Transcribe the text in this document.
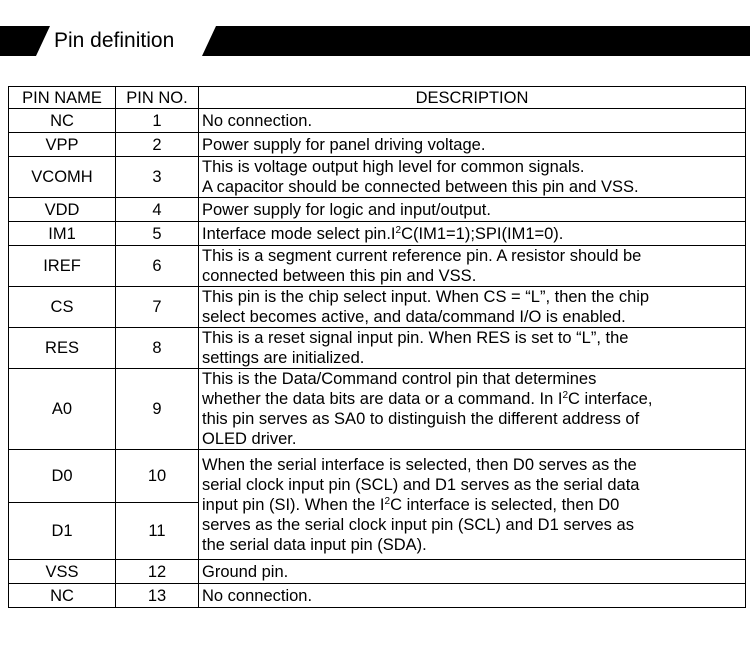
Pin definition
PIN NAME	PIN NO.	DESCRIPTION
NC	1	No connection.

VPP	2	Power supply for panel driving voltage.

VCOMH	3	This is voltage output high level for common signals.
A capacitor should be connected between this pin and VSS.

VDD	4	Power supply for logic and input/output.

IM1	5	Interface mode select $pin.I^2C(IM1=1);SPI(IM1=0)$.

IREF	6	This is a segment current reference pin. A resistor should be
connected between this pin and VSS.

CS	7	This pin is the chip select input. When CS = “L”, then the chip
select becomes active, and data/command I/O is enabled.

RES	8	This is a reset signal input pin. When RES is set to “L”, the
settings are initialized.

A0	9	This is the Data/Command control pin that determines
whether the data bits are data or a command. In $I^2C$ interface,
this pin serves as SA0 to distinguish the different address of
OLED driver.

D0	10	When the serial interface is selected, then D0 serves as the
serial clock input pin (SCL) and D1 serves as the serial data
input pin (SI). When the $I^2C$ interface is selected, then D0
serves as the serial clock input pin (SCL) and D1 serves as
the serial data input pin (SDA).

D1	11	
VSS	12	Ground pin.

NC	13	No connection.
